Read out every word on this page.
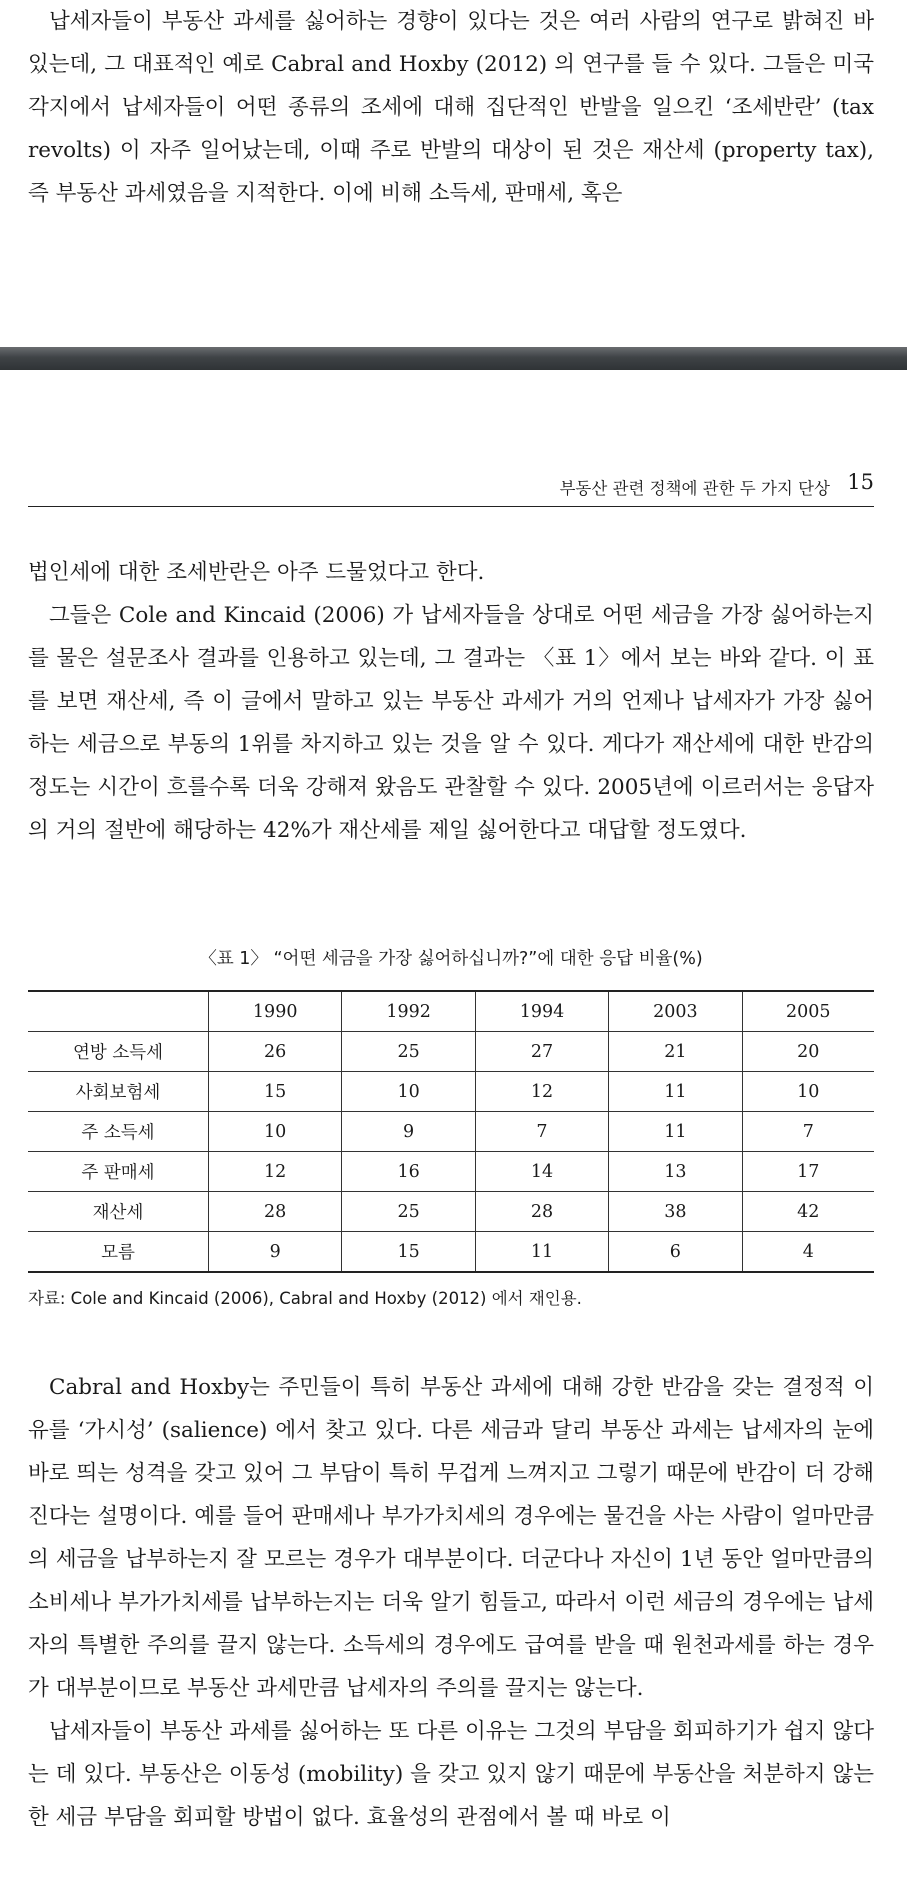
납세자들이 부동산 과세를 싫어하는 경향이 있다는 것은 여러 사람의 연구로 밝혀진 바 있는데, 그 대표적인 예로 Cabral and Hoxby (2012) 의 연구를 들 수 있다. 그들은 미국 각지에서 납세자들이 어떤 종류의 조세에 대해 집단적인 반발을 일으킨 ‘조세반란’ (tax revolts) 이 자주 일어났는데, 이때 주로 반발의 대상이 된 것은 재산세 (property tax), 즉 부동산 과세였음을 지적한다. 이에 비해 소득세, 판매세, 혹은

부동산 관련 정책에 관한 두 가지 단상 15
법인세에 대한 조세반란은 아주 드물었다고 한다.
그들은 Cole and Kincaid (2006) 가 납세자들을 상대로 어떤 세금을 가장 싫어하는지를 물은 설문조사 결과를 인용하고 있는데, 그 결과는 〈표 1〉에서 보는 바와 같다. 이 표를 보면 재산세, 즉 이 글에서 말하고 있는 부동산 과세가 거의 언제나 납세자가 가장 싫어하는 세금으로 부동의 1위를 차지하고 있는 것을 알 수 있다. 게다가 재산세에 대한 반감의 정도는 시간이 흐를수록 더욱 강해져 왔음도 관찰할 수 있다. 2005년에 이르러서는 응답자의 거의 절반에 해당하는 42%가 재산세를 제일 싫어한다고 대답할 정도였다.
〈표 1〉 “어떤 세금을 가장 싫어하십니까?”에 대한 응답 비율(%)
	1990	1992	1994	2003	2005
연방 소득세	26	25	27	21	20
사회보험세	15	10	12	11	10
주 소득세	10	9	7	11	7
주 판매세	12	16	14	13	17
재산세	28	25	28	38	42
모름	9	15	11	6	4
자료: Cole and Kincaid (2006), Cabral and Hoxby (2012) 에서 재인용.
Cabral and Hoxby는 주민들이 특히 부동산 과세에 대해 강한 반감을 갖는 결정적 이유를 ‘가시성’ (salience) 에서 찾고 있다. 다른 세금과 달리 부동산 과세는 납세자의 눈에 바로 띄는 성격을 갖고 있어 그 부담이 특히 무겁게 느껴지고 그렇기 때문에 반감이 더 강해진다는 설명이다. 예를 들어 판매세나 부가가치세의 경우에는 물건을 사는 사람이 얼마만큼의 세금을 납부하는지 잘 모르는 경우가 대부분이다. 더군다나 자신이 1년 동안 얼마만큼의 소비세나 부가가치세를 납부하는지는 더욱 알기 힘들고, 따라서 이런 세금의 경우에는 납세자의 특별한 주의를 끌지 않는다. 소득세의 경우에도 급여를 받을 때 원천과세를 하는 경우가 대부분이므로 부동산 과세만큼 납세자의 주의를 끌지는 않는다.
납세자들이 부동산 과세를 싫어하는 또 다른 이유는 그것의 부담을 회피하기가 쉽지 않다는 데 있다. 부동산은 이동성 (mobility) 을 갖고 있지 않기 때문에 부동산을 처분하지 않는 한 세금 부담을 회피할 방법이 없다. 효율성의 관점에서 볼 때 바로 이
